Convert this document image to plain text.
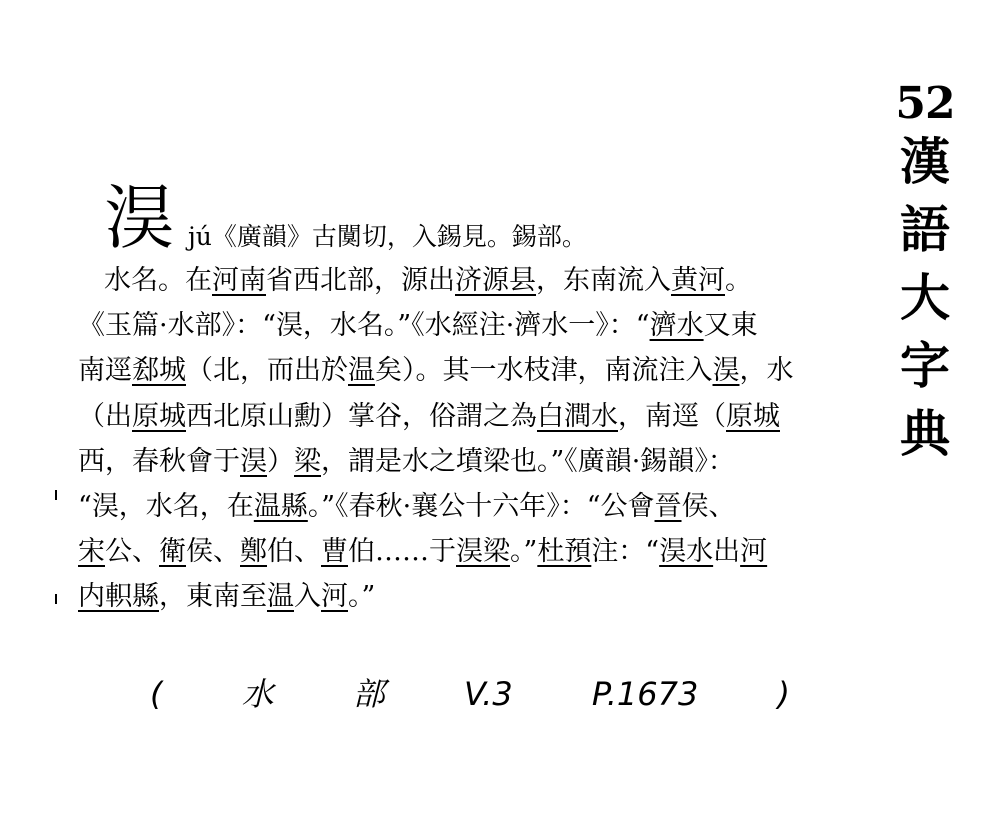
52
漢
語
大
字
典
淏 jú《廣韻》古闃切，入錫見。錫部。
水名。在河南省西北部，源出济源县，东南流入黄河。
《玉篇·水部》：“淏，水名。”《水經注·濟水一》：“濟水又東
南逕郄城（北，而出於温矣）。其一水枝津，南流注入淏，水
（出原城西北原山勳）掌谷，俗謂之為白澗水，南逕（原城
西，春秋會于淏）梁，謂是水之墳梁也。”《廣韻·錫韻》：
“淏，水名，在温縣。”《春秋·襄公十六年》：“公會晉侯、
宋公、衛侯、鄭伯、曹伯……于淏梁。”杜預注：“淏水出河
内軹縣，東南至温入河。”
( 水 部 V.3 P.1673 )
